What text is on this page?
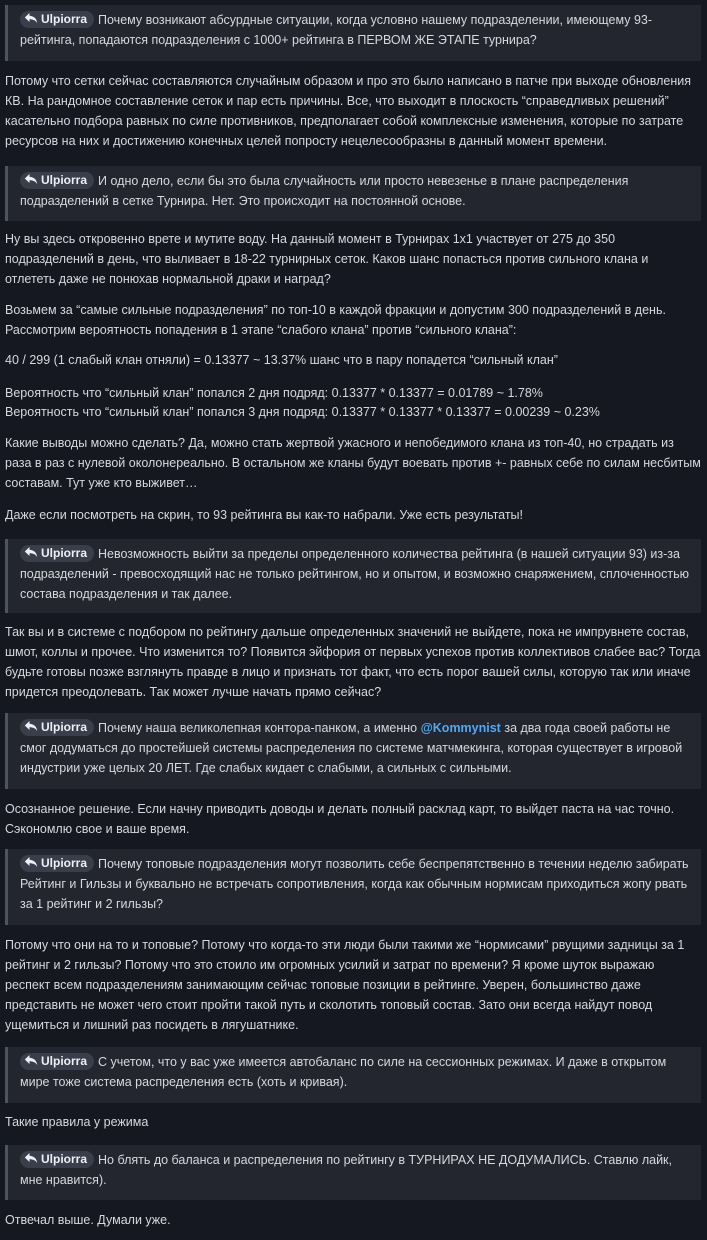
Ulpiorra Почему возникают абсурдные ситуации, когда условно нашему подразделении, имеющему 93-рейтинга, попадаются подразделения с 1000+ рейтинга в ПЕРВОМ ЖЕ ЭТАПЕ турнира?

Потому что сетки сейчас составляются случайным образом и про это было написано в патче при выходе обновления КВ. На рандомное составление сеток и пар есть причины. Все, что выходит в плоскость “справедливых решений” касательно подбора равных по силе противников, предполагает собой комплексные изменения, которые по затрате ресурсов на них и достижению конечных целей попросту нецелесообразны в данный момент времени.

Ulpiorra И одно дело, если бы это была случайность или просто невезенье в плане распределения подразделений в сетке Турнира. Нет. Это происходит на постоянной основе.

Ну вы здесь откровенно врете и мутите воду. На данный момент в Турнирах 1х1 участвует от 275 до 350 подразделений в день, что выливает в 18-22 турнирных сеток. Каков шанс попасться против сильного клана и отлететь даже не понюхав нормальной драки и наград?

Возьмем за “самые сильные подразделения” по топ-10 в каждой фракции и допустим 300 подразделений в день. Рассмотрим вероятность попадения в 1 этапе “слабого клана” против “сильного клана”:

40 / 299 (1 слабый клан отняли) = 0.13377 ~ 13.37% шанс что в пару попадется “сильный клан”

Вероятность что “сильный клан” попался 2 дня подряд: 0.13377 * 0.13377 = 0.01789 ~ 1.78%

Вероятность что “сильный клан” попался 3 дня подряд: 0.13377 * 0.13377 * 0.13377 = 0.00239 ~ 0.23%

Какие выводы можно сделать? Да, можно стать жертвой ужасного и непобедимого клана из топ-40, но страдать из раза в раз с нулевой околонереально. В остальном же кланы будут воевать против +- равных себе по силам несбитым составам. Тут уже кто выживет…

Даже если посмотреть на скрин, то 93 рейтинга вы как-то набрали. Уже есть результаты!

Ulpiorra Невозможность выйти за пределы определенного количества рейтинга (в нашей ситуации 93) из-за подразделений - превосходящий нас не только рейтингом, но и опытом, и возможно снаряжением, сплоченностью состава подразделения и так далее.

Так вы и в системе с подбором по рейтингу дальше определенных значений не выйдете, пока не импрувнете состав, шмот, коллы и прочее. Что изменится то? Появится эйфория от первых успехов против коллективов слабее вас? Тогда будьте готовы позже взглянуть правде в лицо и признать тот факт, что есть порог вашей силы, которую так или иначе придется преодолевать. Так может лучше начать прямо сейчас?

Ulpiorra Почему наша великолепная контора-панком, а именно @Kommynist за два года своей работы не смог додуматься до простейшей системы распределения по системе матчмекинга, которая существует в игровой индустрии уже целых 20 ЛЕТ. Где слабых кидает с слабыми, а сильных с сильными.

Осознанное решение. Если начну приводить доводы и делать полный расклад карт, то выйдет паста на час точно. Сэкономлю свое и ваше время.

Ulpiorra Почему топовые подразделения могут позволить себе беспрепятственно в течении неделю забирать Рейтинг и Гильзы и буквально не встречать сопротивления, когда как обычным нормисам приходиться жопу рвать за 1 рейтинг и 2 гильзы?

Потому что они на то и топовые? Потому что когда-то эти люди были такими же “нормисами” рвущими задницы за 1 рейтинг и 2 гильзы? Потому что это стоило им огромных усилий и затрат по времени? Я кроме шуток выражаю респект всем подразделениям занимающим сейчас топовые позиции в рейтинге. Уверен, большинство даже представить не может чего стоит пройти такой путь и сколотить топовый состав. Зато они всегда найдут повод ущемиться и лишний раз посидеть в лягушатнике.

Ulpiorra С учетом, что у вас уже имеется автобаланс по силе на сессионных режимах. И даже в открытом мире тоже система распределения есть (хоть и кривая).

Такие правила у режима

Ulpiorra Но блять до баланса и распределения по рейтингу в ТУРНИРАХ НЕ ДОДУМАЛИСЬ. Ставлю лайк, мне нравится).

Отвечал выше. Думали уже.
